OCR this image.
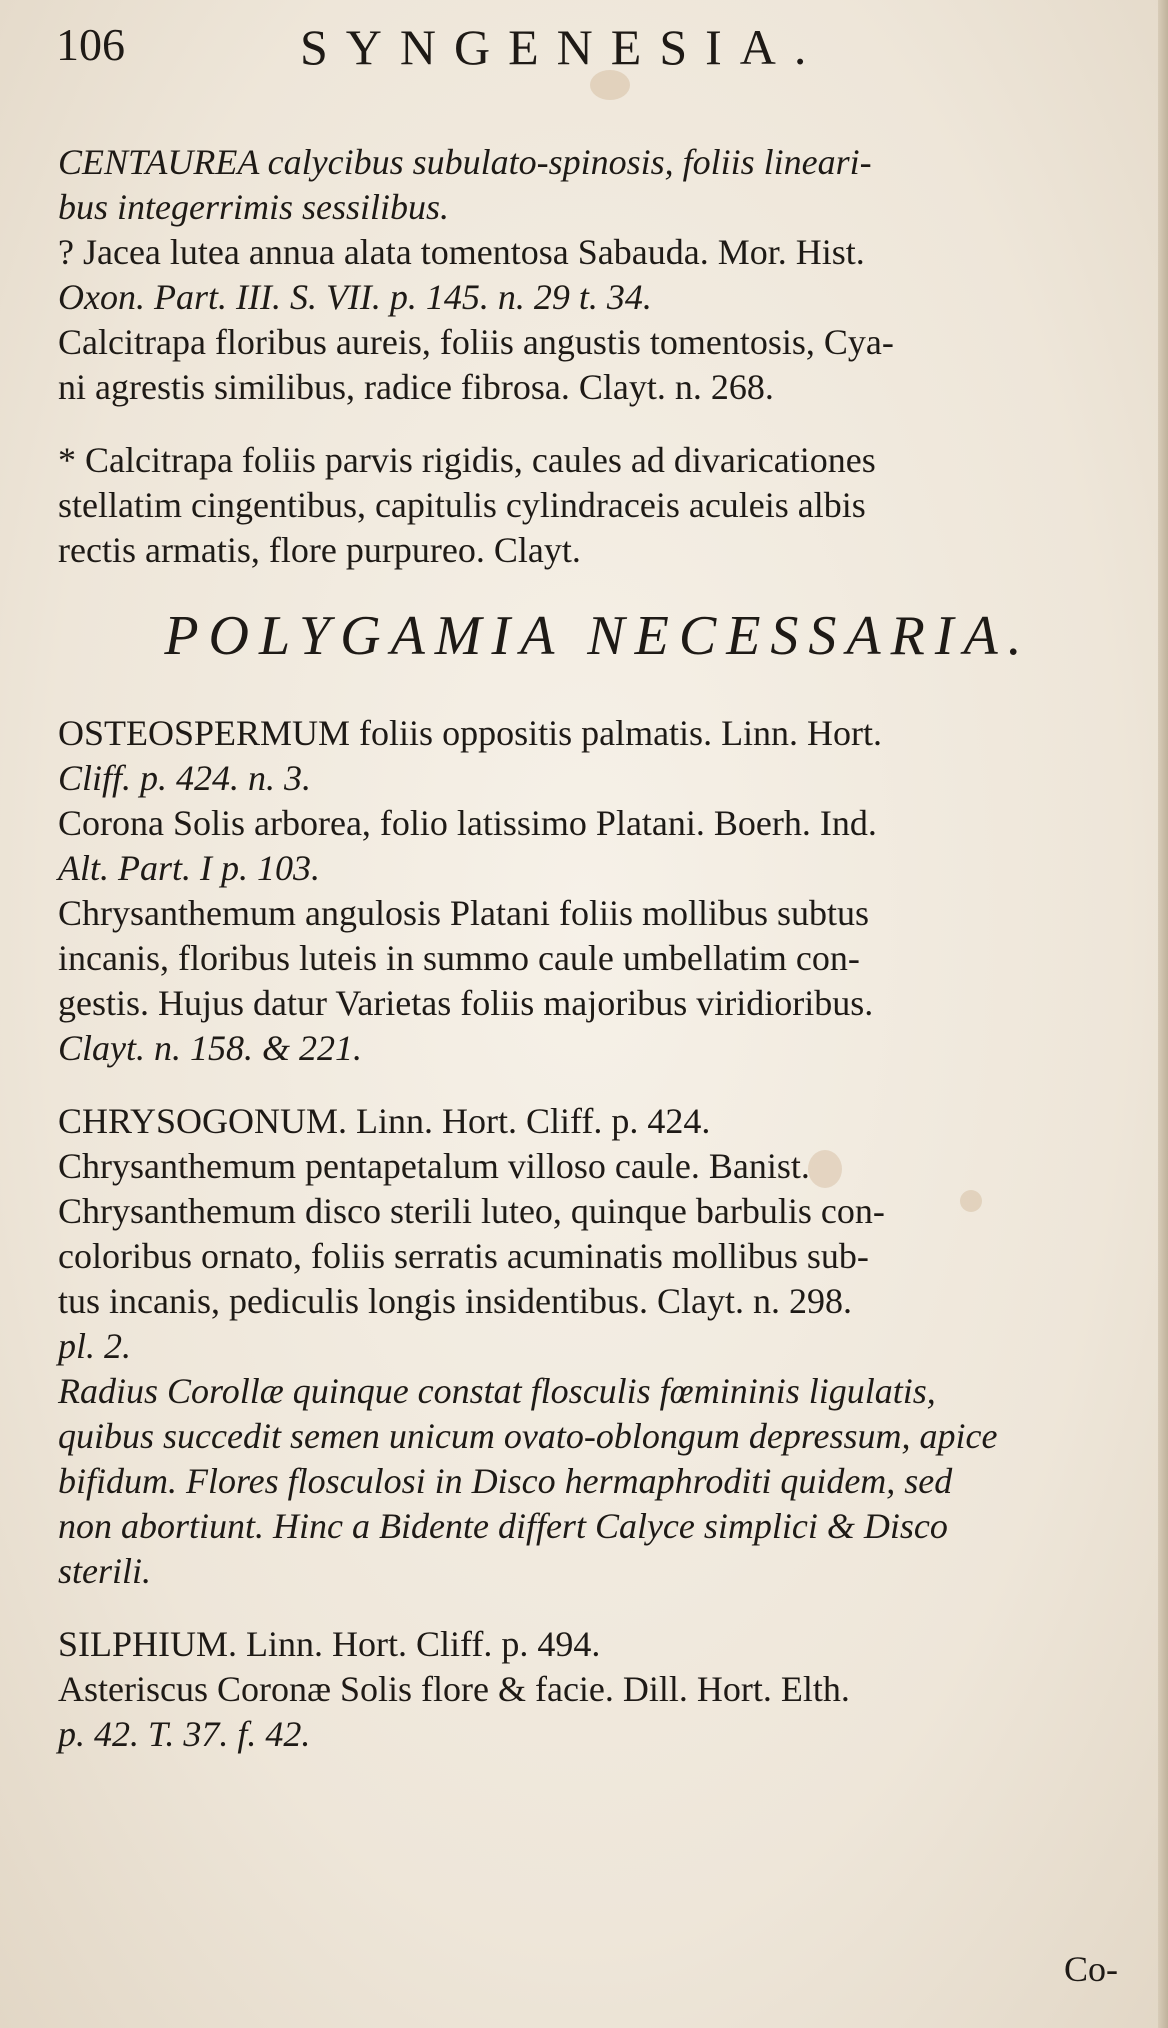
106	SYNGENESIA.
CENTAUREA calycibus subulato-spinosis, foliis lineari-
bus integerrimis sessilibus.
? Jacea lutea annua alata tomentosa Sabauda. Mor. Hist.
Oxon. Part. III. S. VII. p. 145. n. 29 t. 34.
Calcitrapa floribus aureis, foliis angustis tomentosis, Cya-
ni agrestis similibus, radice fibrosa. Clayt. n. 268.
* Calcitrapa foliis parvis rigidis, caules ad divaricationes
stellatim cingentibus, capitulis cylindraceis aculeis albis
rectis armatis, flore purpureo. Clayt.
POLYGAMIA NECESSARIA.
OSTEOSPERMUM foliis oppositis palmatis. Linn. Hort.
Cliff. p. 424. n. 3.
Corona Solis arborea, folio latissimo Platani. Boerh. Ind.
Alt. Part. I p. 103.
Chrysanthemum angulosis Platani foliis mollibus subtus
incanis, floribus luteis in summo caule umbellatim con-
gestis. Hujus datur Varietas foliis majoribus viridioribus.
Clayt. n. 158. & 221.
CHRYSOGONUM. Linn. Hort. Cliff. p. 424.
Chrysanthemum pentapetalum villoso caule. Banist.
Chrysanthemum disco sterili luteo, quinque barbulis con-
coloribus ornato, foliis serratis acuminatis mollibus sub-
tus incanis, pediculis longis insidentibus. Clayt. n. 298.
pl. 2.
Radius Corollæ quinque constat flosculis fœmininis ligulatis,
quibus succedit semen unicum ovato-oblongum depressum, apice
bifidum. Flores flosculosi in Disco hermaphroditi quidem, sed
non abortiunt. Hinc a Bidente differt Calyce simplici & Disco
sterili.
SILPHIUM. Linn. Hort. Cliff. p. 494.
Asteriscus Coronæ Solis flore & facie. Dill. Hort. Elth.
p. 42. T. 37. f. 42.
Co-
